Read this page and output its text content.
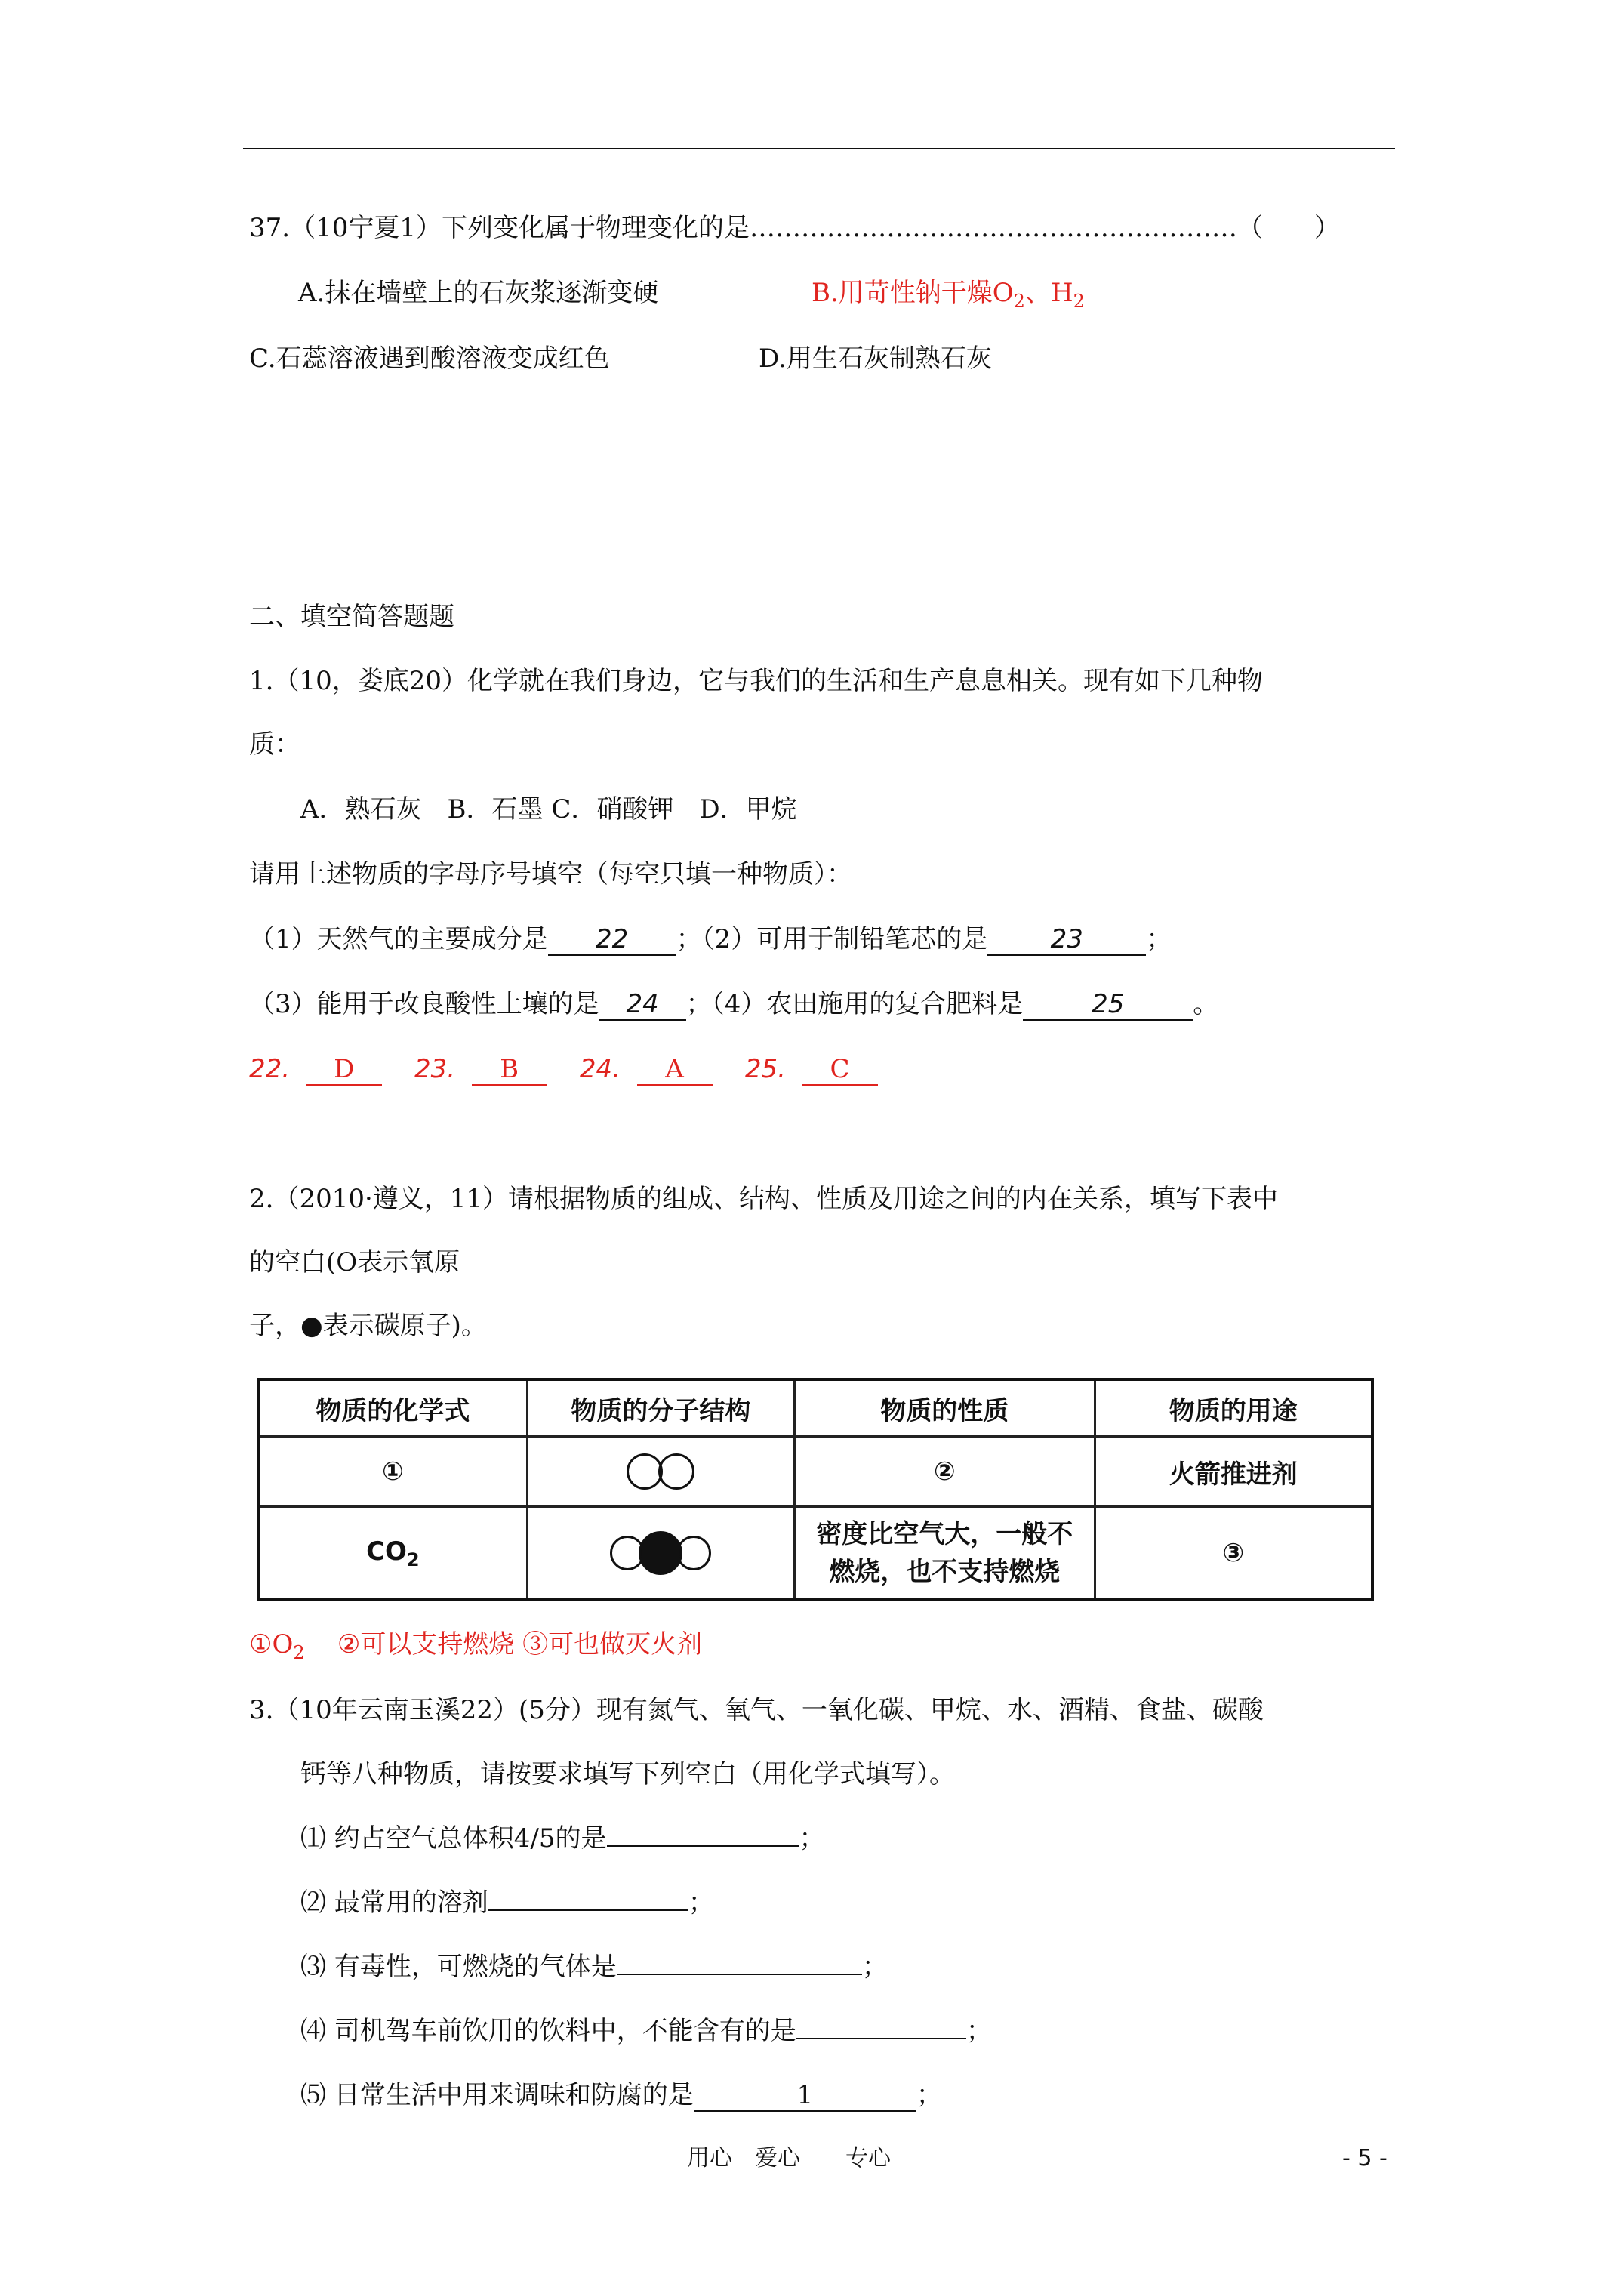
37.（10宁夏1）下列变化属于物理变化的是…………………………………………………（　　）
A.抹在墙壁上的石灰浆逐渐变硬	B.用苛性钠干燥$O_2$、$H_2$
C.石蕊溶液遇到酸溶液变成红色	D.用生石灰制熟石灰
二、填空简答题题
1.（10，娄底20）化学就在我们身边，它与我们的生活和生产息息相关。现有如下几种物
质：
A．熟石灰　B．石墨 C．硝酸钾　D．甲烷
请用上述物质的字母序号填空（每空只填一种物质）：
（1）天然气的主要成分是 22 ；（2）可用于制铅笔芯的是 23 ；
（3）能用于改良酸性土壤的是 24 ；（4）农田施用的复合肥料是	25	。
22. D 23. B 24. A 25. C
2.（2010·遵义，11）请根据物质的组成、结构、性质及用途之间的内在关系，填写下表中
的空白(O表示氧原
子，●表示碳原子)。
物质的化学式	物质的分子结构	物质的性质	物质的用途
①		②	火箭推进剂
$CO_2$		密度比空气大，一般不
燃烧，也不支持燃烧	③
$①O_2$ ②可以支持燃烧 ③可也做灭火剂
3.（10年云南玉溪22）(5分）现有氮气、氧气、一氧化碳、甲烷、水、酒精、食盐、碳酸
钙等八种物质，请按要求填写下列空白（用化学式填写）。
⑴ 约占空气总体积4/5的是	；
⑵ 最常用的溶剂	；
⑶ 有毒性，可燃烧的气体是	；
⑷ 司机驾车前饮用的饮料中，不能含有的是	；
⑸ 日常生活中用来调味和防腐的是	1	；
用心　爱心　　专心	- 5 -
